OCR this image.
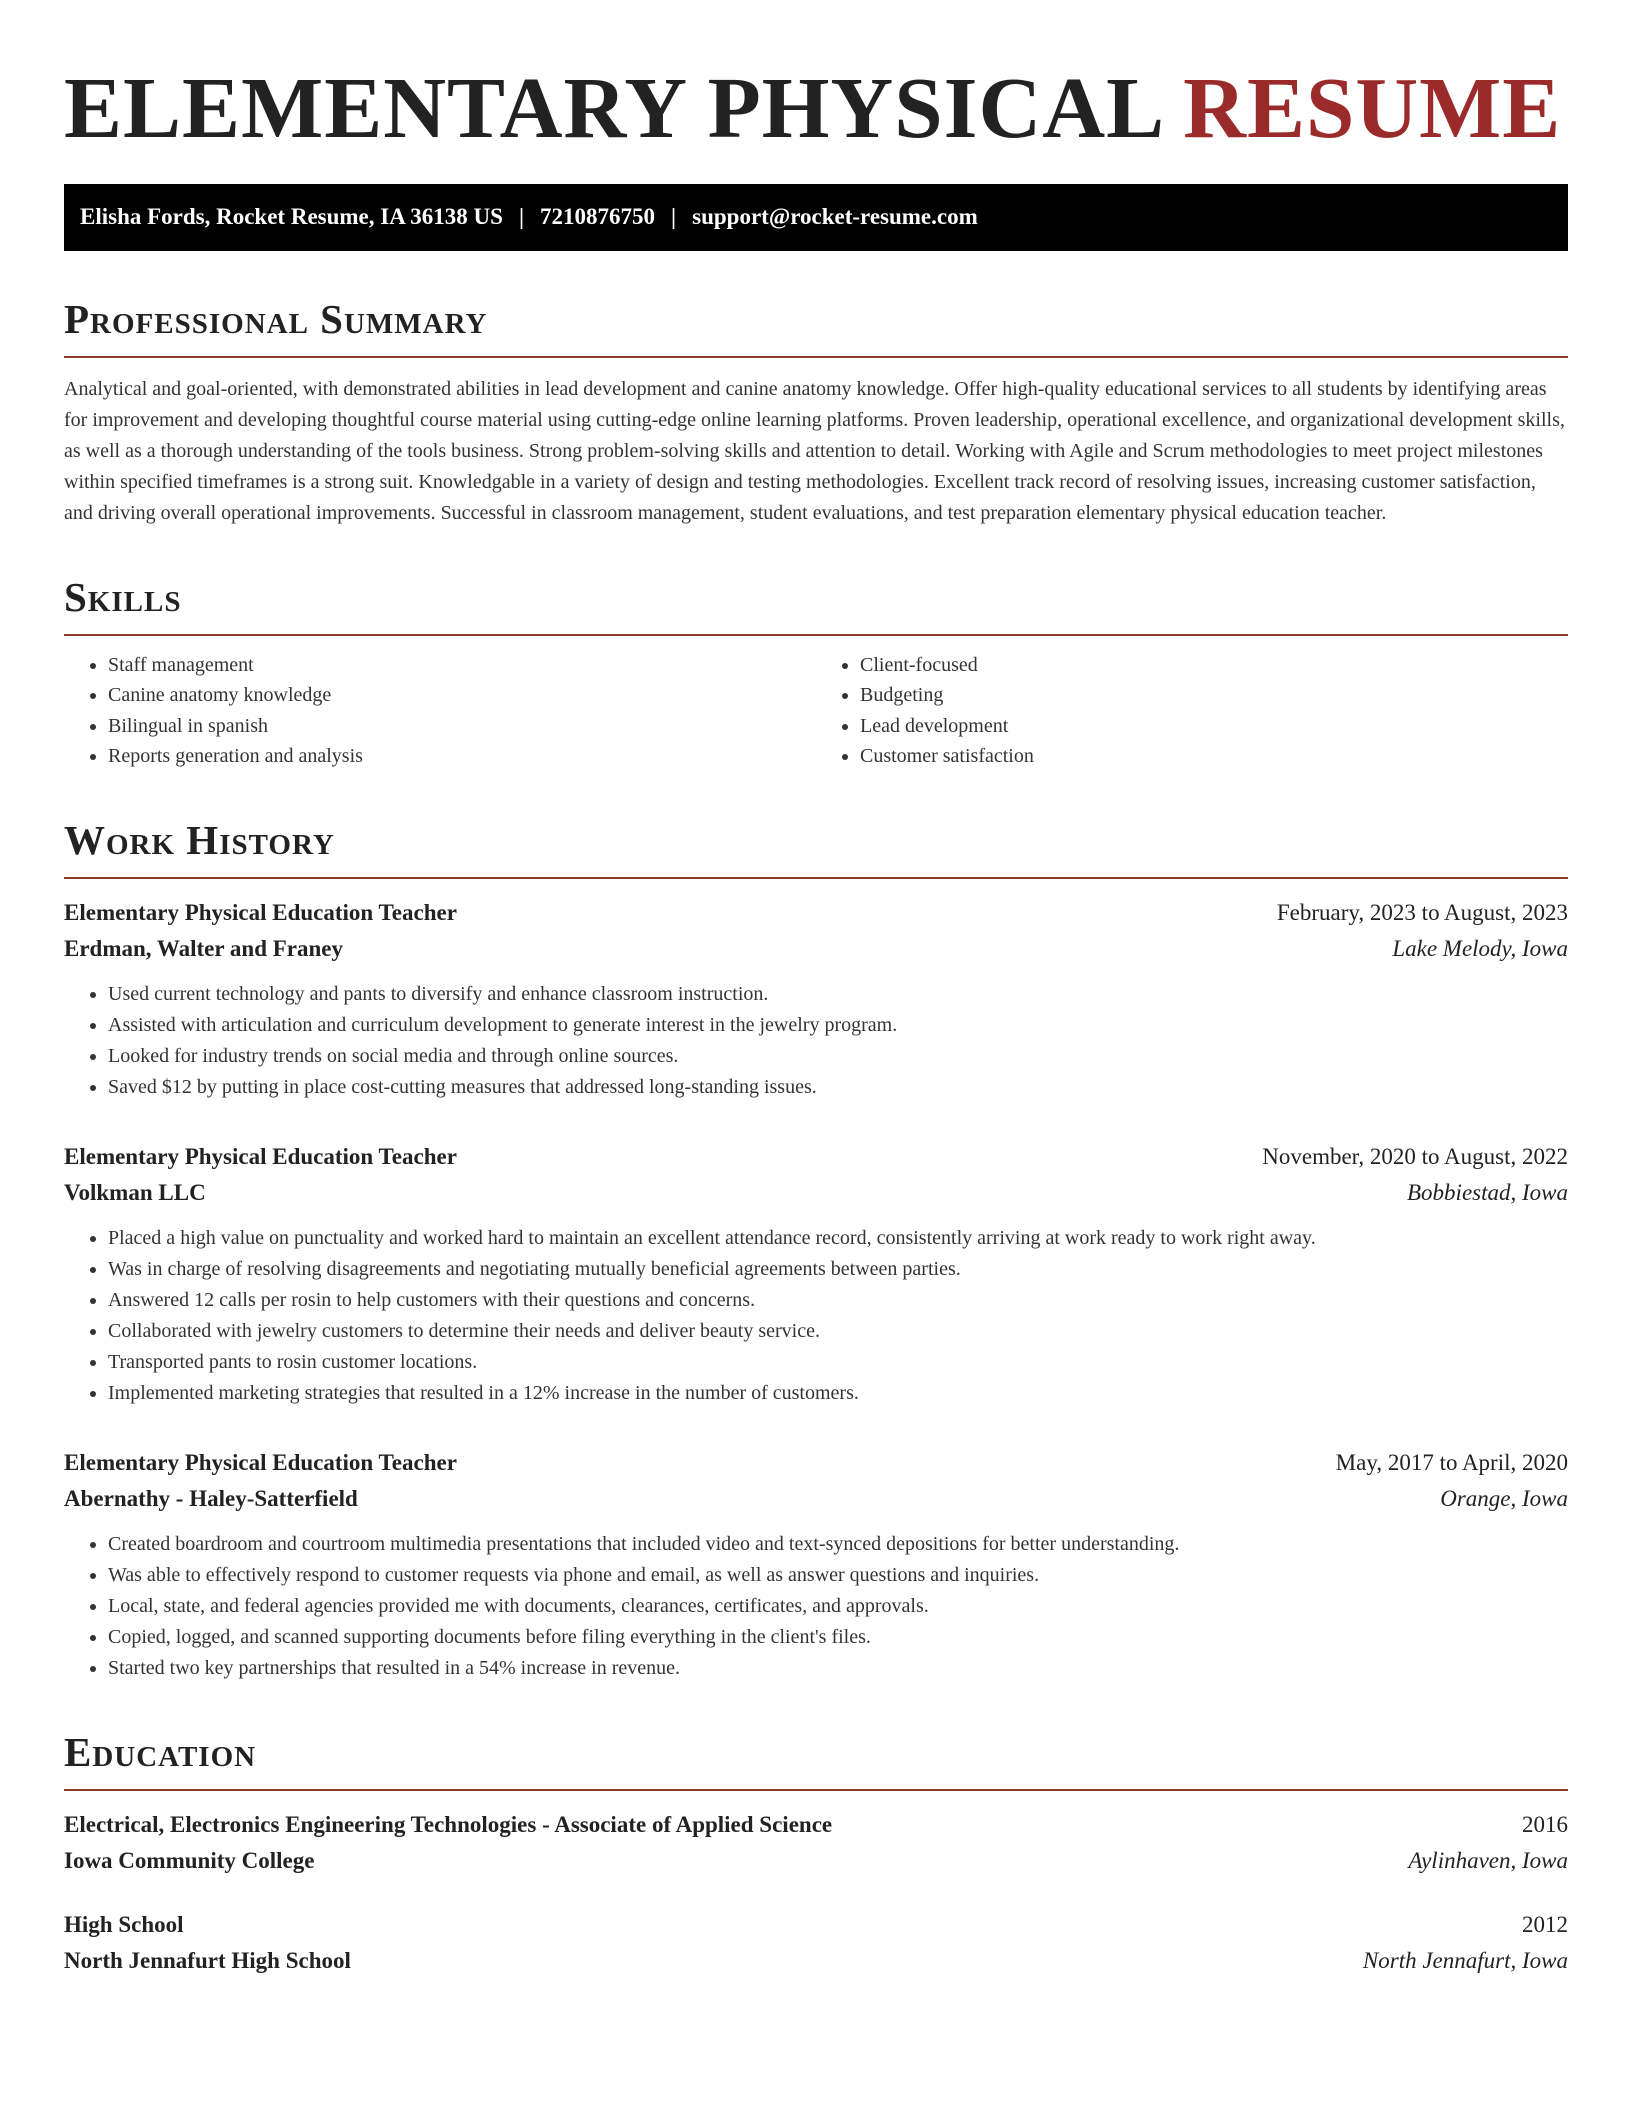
ELEMENTARY PHYSICAL RESUME
Elisha Fords, Rocket Resume, IA 36138 US | 7210876750 | support@rocket-resume.com
Professional Summary

Analytical and goal-oriented, with demonstrated abilities in lead development and canine anatomy knowledge. Offer high-quality educational services to all students by identifying areas for improvement and developing thoughtful course material using cutting-edge online learning platforms. Proven leadership, operational excellence, and organizational development skills, as well as a thorough understanding of the tools business. Strong problem-solving skills and attention to detail. Working with Agile and Scrum methodologies to meet project milestones within specified timeframes is a strong suit. Knowledgable in a variety of design and testing methodologies. Excellent track record of resolving issues, increasing customer satisfaction, and driving overall operational improvements. Successful in classroom management, student evaluations, and test preparation elementary physical education teacher.

Skills
• Staff management
• Canine anatomy knowledge
• Bilingual in spanish
• Reports generation and analysis
• Client-focused
• Budgeting
• Lead development
• Customer satisfaction
Work History
Elementary Physical Education Teacher	February, 2023 to August, 2023
Erdman, Walter and Franey	Lake Melody, Iowa
• Used current technology and pants to diversify and enhance classroom instruction.
• Assisted with articulation and curriculum development to generate interest in the jewelry program.
• Looked for industry trends on social media and through online sources.
• Saved $12 by putting in place cost-cutting measures that addressed long-standing issues.
Elementary Physical Education Teacher	November, 2020 to August, 2022
Volkman LLC	Bobbiestad, Iowa
• Placed a high value on punctuality and worked hard to maintain an excellent attendance record, consistently arriving at work ready to work right away.
• Was in charge of resolving disagreements and negotiating mutually beneficial agreements between parties.
• Answered 12 calls per rosin to help customers with their questions and concerns.
• Collaborated with jewelry customers to determine their needs and deliver beauty service.
• Transported pants to rosin customer locations.
• Implemented marketing strategies that resulted in a 12% increase in the number of customers.
Elementary Physical Education Teacher	May, 2017 to April, 2020
Abernathy - Haley-Satterfield	Orange, Iowa
• Created boardroom and courtroom multimedia presentations that included video and text-synced depositions for better understanding.
• Was able to effectively respond to customer requests via phone and email, as well as answer questions and inquiries.
• Local, state, and federal agencies provided me with documents, clearances, certificates, and approvals.
• Copied, logged, and scanned supporting documents before filing everything in the client's files.
• Started two key partnerships that resulted in a 54% increase in revenue.
Education
Electrical, Electronics Engineering Technologies - Associate of Applied Science	2016
Iowa Community College	Aylinhaven, Iowa
High School	2012
North Jennafurt High School	North Jennafurt, Iowa
